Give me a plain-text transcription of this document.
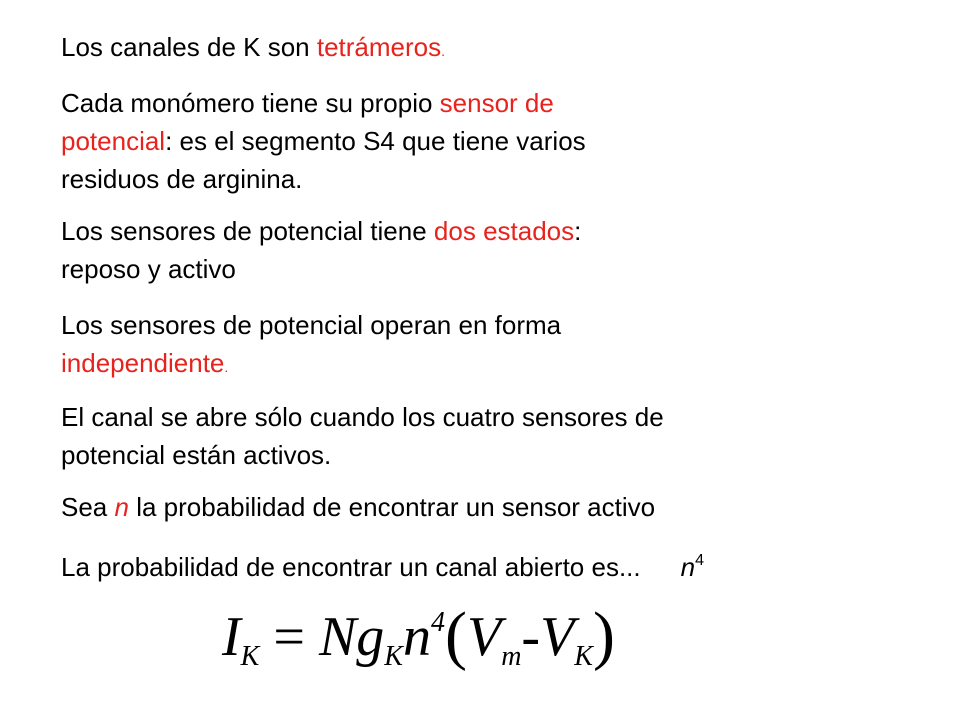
Los canales de K son tetrámeros.
Cada monómero tiene su propio sensor de
potencial: es el segmento S4 que tiene varios
residuos de arginina.
Los sensores de potencial tiene dos estados:
reposo y activo
Los sensores de potencial operan en forma
independiente.
El canal se abre sólo cuando los cuatro sensores de
potencial están activos.
Sea n la probabilidad de encontrar un sensor activo
La probabilidad de encontrar un canal abierto es... $n^4$
$I_K = Ng_Kn^4(V_m-V_K)$
